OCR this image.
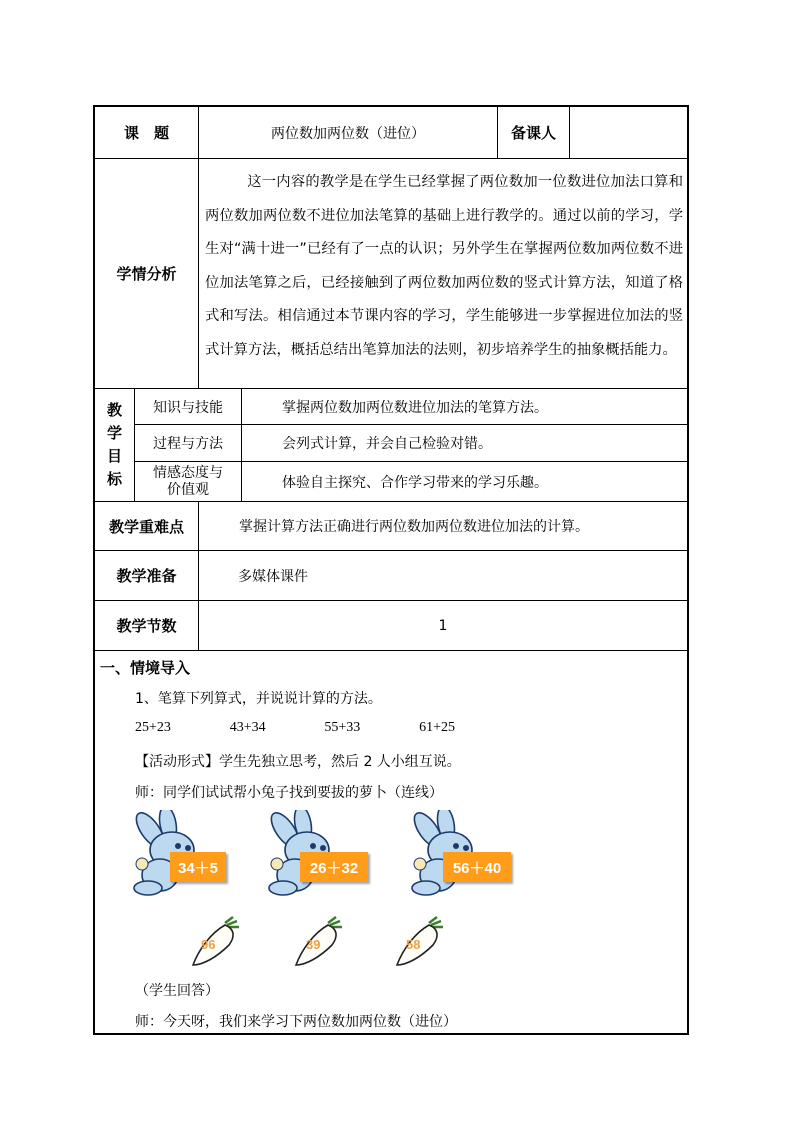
课　题	两位数加两位数（进位）	备课人
学情分析
这一内容的教学是在学生已经掌握了两位数加一位数进位加法口算和两位数加两位数不进位加法笔算的基础上进行教学的。通过以前的学习，学生对“满十进一”已经有了一点的认识；另外学生在掌握两位数加两位数不进位加法笔算之后，已经接触到了两位数加两位数的竖式计算方法，知道了格式和写法。相信通过本节课内容的学习，学生能够进一步掌握进位加法的竖式计算方法，概括总结出笔算加法的法则，初步培养学生的抽象概括能力。
教
学
目
标
知识与技能	掌握两位数加两位数进位加法的笔算方法。
过程与方法	会列式计算，并会自己检验对错。
情感态度与
价值观	体验自主探究、合作学习带来的学习乐趣。
教学重难点	掌握计算方法正确进行两位数加两位数进位加法的计算。
教学准备	多媒体课件
教学节数	1
一、情境导入
1、笔算下列算式，并说说计算的方法。
25+23	43+34	55+33	61+25
【活动形式】学生先独立思考，然后 2 人小组互说。
师：同学们试试帮小兔子找到要拔的萝卜（连线）
34＋5	26＋32	56＋40
96	39	58
（学生回答）
师：今天呀，我们来学习下两位数加两位数（进位）
